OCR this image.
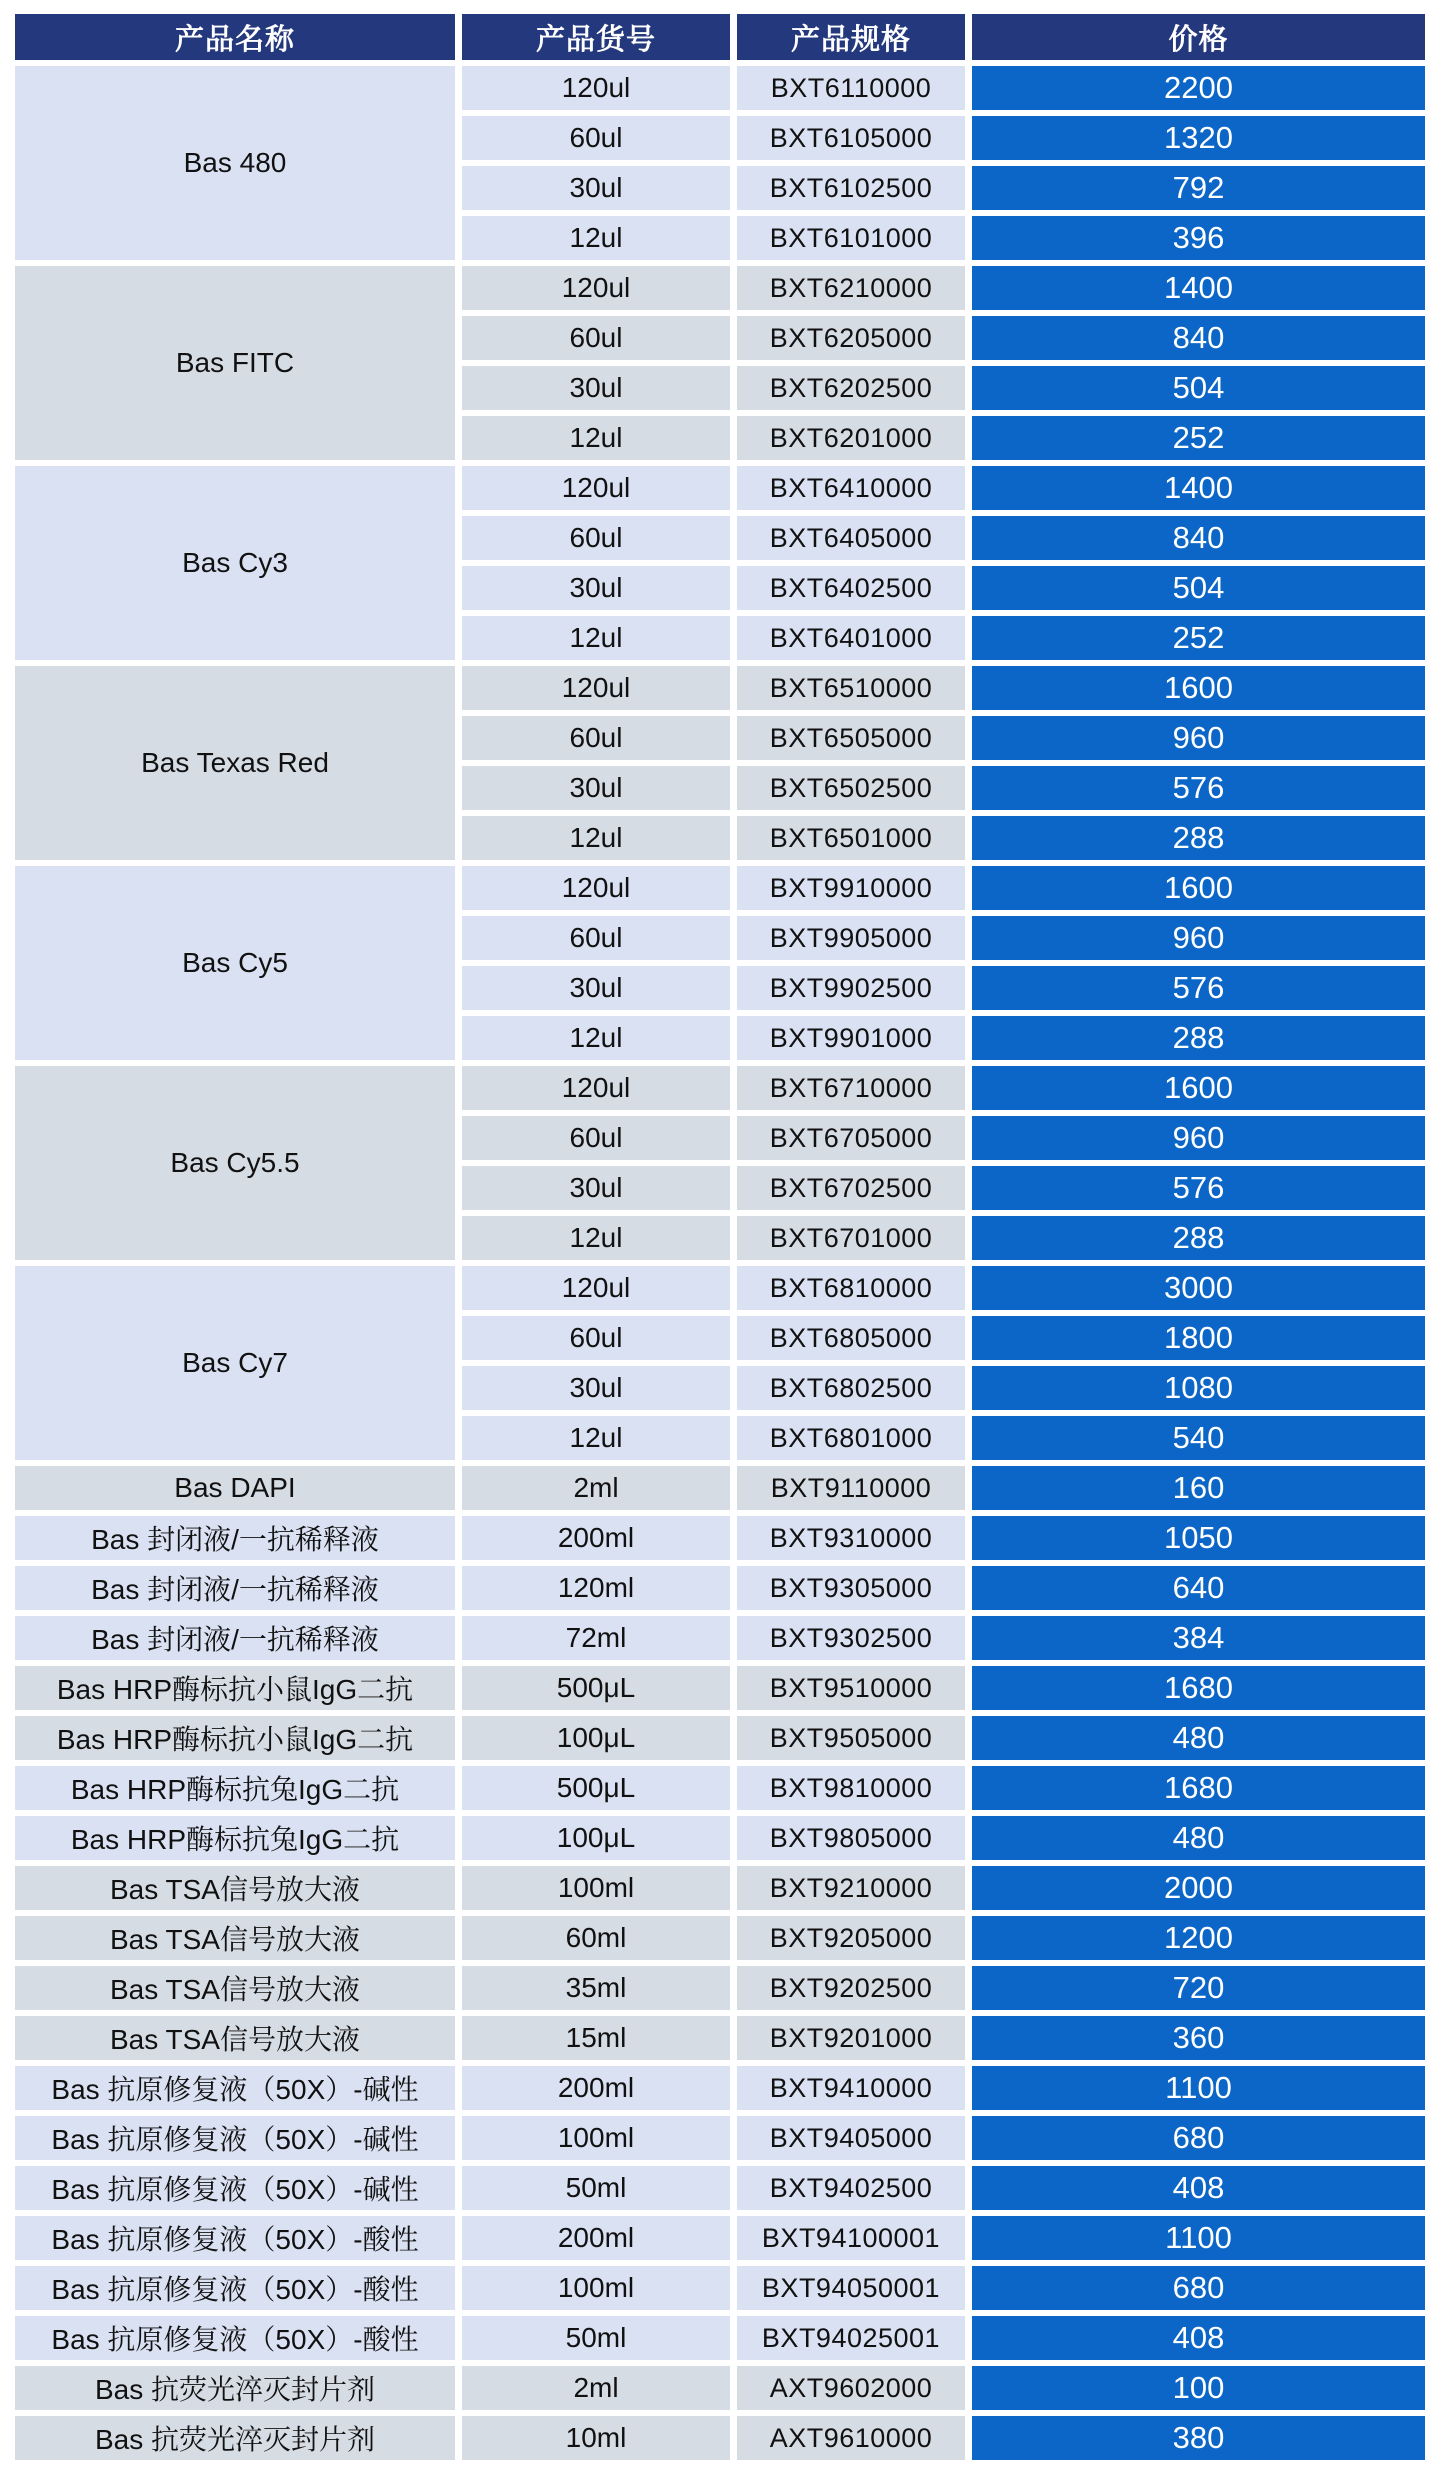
产品名称	产品货号	产品规格	价格
Bas 480	120ul	BXT6110000	2200
	60ul	BXT6105000	1320
	30ul	BXT6102500	792
	12ul	BXT6101000	396
Bas FITC	120ul	BXT6210000	1400
	60ul	BXT6205000	840
	30ul	BXT6202500	504
	12ul	BXT6201000	252
Bas Cy3	120ul	BXT6410000	1400
	60ul	BXT6405000	840
	30ul	BXT6402500	504
	12ul	BXT6401000	252
Bas Texas Red	120ul	BXT6510000	1600
	60ul	BXT6505000	960
	30ul	BXT6502500	576
	12ul	BXT6501000	288
Bas Cy5	120ul	BXT9910000	1600
	60ul	BXT9905000	960
	30ul	BXT9902500	576
	12ul	BXT9901000	288
Bas Cy5.5	120ul	BXT6710000	1600
	60ul	BXT6705000	960
	30ul	BXT6702500	576
	12ul	BXT6701000	288
Bas Cy7	120ul	BXT6810000	3000
	60ul	BXT6805000	1800
	30ul	BXT6802500	1080
	12ul	BXT6801000	540
Bas DAPI	2ml	BXT9110000	160
Bas 封闭液/一抗稀释液	200ml	BXT9310000	1050
Bas 封闭液/一抗稀释液	120ml	BXT9305000	640
Bas 封闭液/一抗稀释液	72ml	BXT9302500	384
Bas HRP酶标抗小鼠IgG二抗	500μL	BXT9510000	1680
Bas HRP酶标抗小鼠IgG二抗	100μL	BXT9505000	480
Bas HRP酶标抗兔IgG二抗	500μL	BXT9810000	1680
Bas HRP酶标抗兔IgG二抗	100μL	BXT9805000	480
Bas TSA信号放大液	100ml	BXT9210000	2000
Bas TSA信号放大液	60ml	BXT9205000	1200
Bas TSA信号放大液	35ml	BXT9202500	720
Bas TSA信号放大液	15ml	BXT9201000	360
Bas 抗原修复液（50X）-碱性	200ml	BXT9410000	1100
Bas 抗原修复液（50X）-碱性	100ml	BXT9405000	680
Bas 抗原修复液（50X）-碱性	50ml	BXT9402500	408
Bas 抗原修复液（50X）-酸性	200ml	BXT94100001	1100
Bas 抗原修复液（50X）-酸性	100ml	BXT94050001	680
Bas 抗原修复液（50X）-酸性	50ml	BXT94025001	408
Bas 抗荧光淬灭封片剂	2ml	AXT9602000	100
Bas 抗荧光淬灭封片剂	10ml	AXT9610000	380
